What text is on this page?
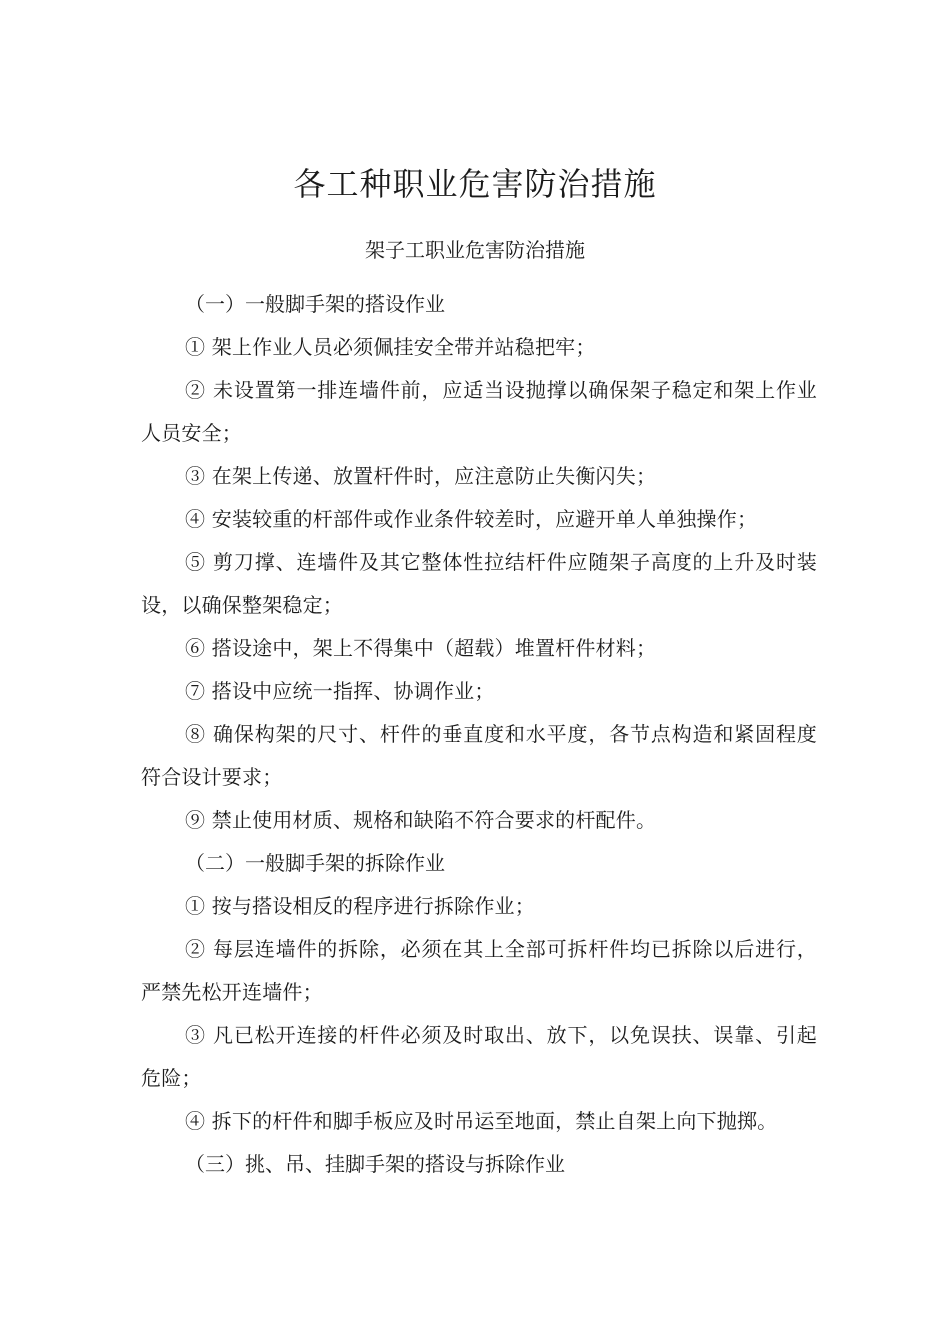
各工种职业危害防治措施
架子工职业危害防治措施

（一）一般脚手架的搭设作业

① 架上作业人员必须佩挂安全带并站稳把牢；

② 未设置第一排连墙件前，应适当设抛撑以确保架子稳定和架上作业人员安全；

③ 在架上传递、放置杆件时，应注意防止失衡闪失；

④ 安装较重的杆部件或作业条件较差时，应避开单人单独操作；

⑤ 剪刀撑、连墙件及其它整体性拉结杆件应随架子高度的上升及时装设，以确保整架稳定；

⑥ 搭设途中，架上不得集中（超载）堆置杆件材料；

⑦ 搭设中应统一指挥、协调作业；

⑧ 确保构架的尺寸、杆件的垂直度和水平度，各节点构造和紧固程度符合设计要求；

⑨ 禁止使用材质、规格和缺陷不符合要求的杆配件。

（二）一般脚手架的拆除作业

① 按与搭设相反的程序进行拆除作业；

② 每层连墙件的拆除，必须在其上全部可拆杆件均已拆除以后进行，严禁先松开连墙件；

③ 凡已松开连接的杆件必须及时取出、放下，以免误扶、误靠、引起危险；

④ 拆下的杆件和脚手板应及时吊运至地面，禁止自架上向下抛掷。

（三）挑、吊、挂脚手架的搭设与拆除作业
